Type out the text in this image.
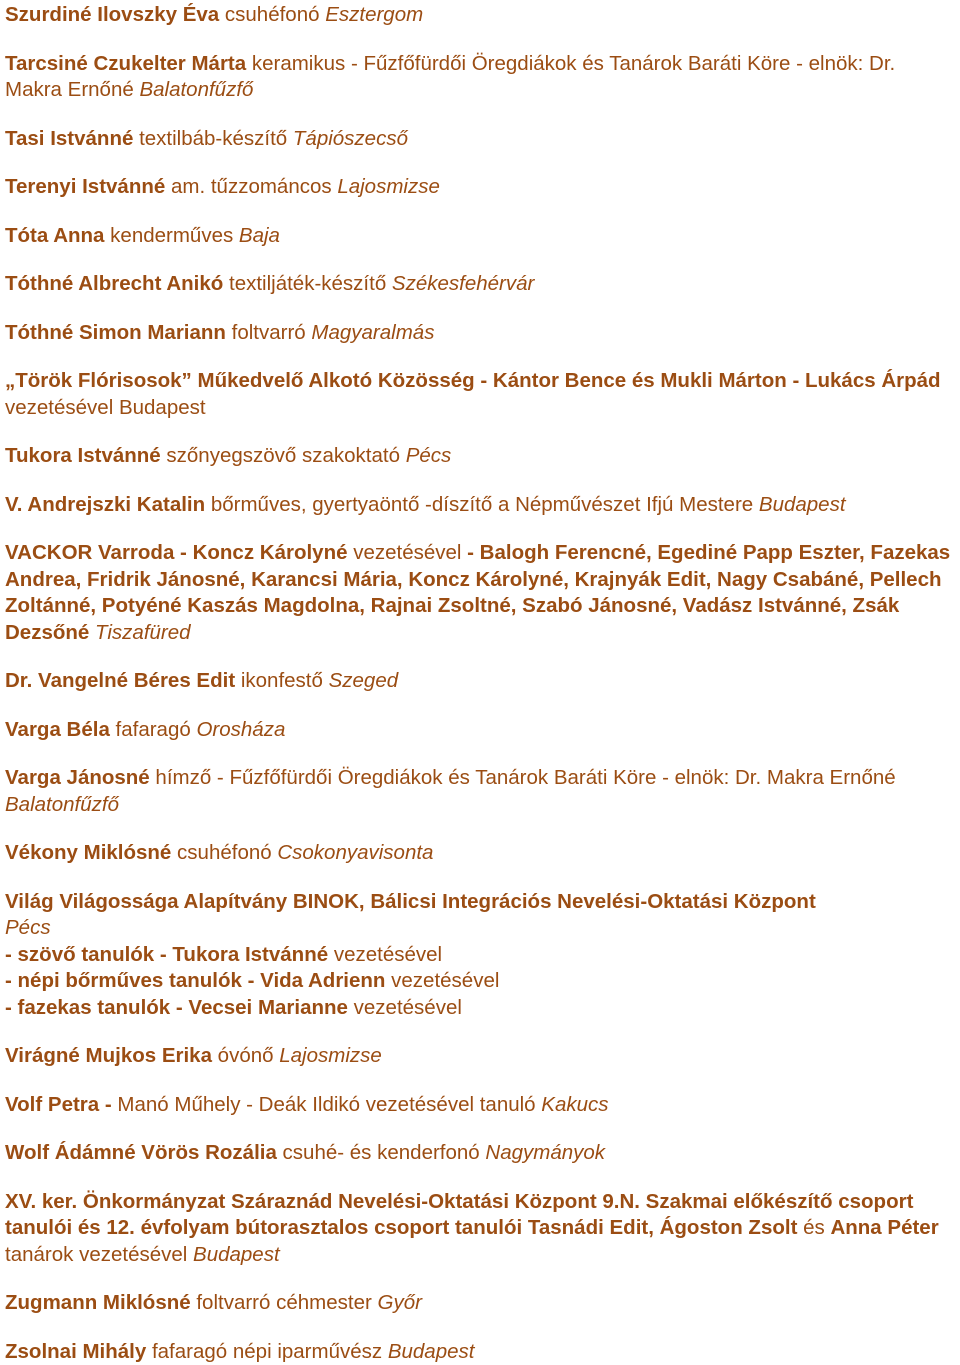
Szurdiné Ilovszky Éva csuhéfonó Esztergom

Tarcsiné Czukelter Márta keramikus - Fűzfőfürdői Öregdiákok és Tanárok Baráti Köre - elnök: Dr. Makra Ernőné Balatonfűzfő

Tasi Istvánné textilbáb-készítő Tápiószecső

Terenyi Istvánné am. tűzzománcos Lajosmizse

Tóta Anna kenderműves Baja

Tóthné Albrecht Anikó textiljáték-készítő Székesfehérvár

Tóthné Simon Mariann foltvarró Magyaralmás

„Török Flórisosok” Műkedvelő Alkotó Közösség - Kántor Bence és Mukli Márton - Lukács Árpád vezetésével Budapest

Tukora Istvánné szőnyegszövő szakoktató Pécs

V. Andrejszki Katalin bőrműves, gyertyaöntő -díszítő a Népművészet Ifjú Mestere Budapest

VACKOR Varroda - Koncz Károlyné vezetésével - Balogh Ferencné, Egediné Papp Eszter, Fazekas Andrea, Fridrik Jánosné, Karancsi Mária, Koncz Károlyné, Krajnyák Edit, Nagy Csabáné, Pellech Zoltánné, Potyéné Kaszás Magdolna, Rajnai Zsoltné, Szabó Jánosné, Vadász Istvánné, Zsák Dezsőné Tiszafüred

Dr. Vangelné Béres Edit ikonfestő Szeged

Varga Béla fafaragó Orosháza

Varga Jánosné hímző - Fűzfőfürdői Öregdiákok és Tanárok Baráti Köre - elnök: Dr. Makra Ernőné Balatonfűzfő

Vékony Miklósné csuhéfonó Csokonyavisonta

Világ Világossága Alapítvány BINOK, Bálicsi Integrációs Nevelési-Oktatási Központ

Pécs

- szövő tanulók - Tukora Istvánné vezetésével

- népi bőrműves tanulók - Vida Adrienn vezetésével

- fazekas tanulók - Vecsei Marianne vezetésével

Virágné Mujkos Erika óvónő Lajosmizse

Volf Petra - Manó Műhely - Deák Ildikó vezetésével tanuló Kakucs

Wolf Ádámné Vörös Rozália csuhé- és kenderfonó Nagymányok

XV. ker. Önkormányzat Száraznád Nevelési-Oktatási Központ 9.N. Szakmai előkészítő csoport tanulói és 12. évfolyam bútorasztalos csoport tanulói Tasnádi Edit, Ágoston Zsolt és Anna Péter tanárok vezetésével Budapest

Zugmann Miklósné foltvarró céhmester Győr

Zsolnai Mihály fafaragó népi iparművész Budapest
